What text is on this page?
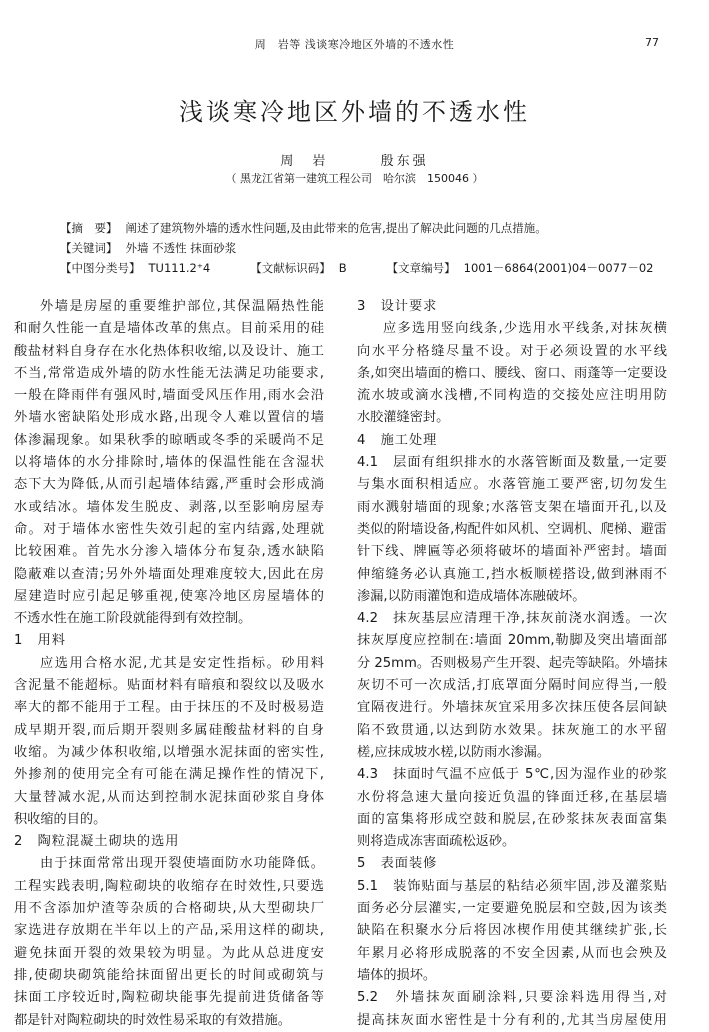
周　岩等 浅谈寒冷地区外墙的不透水性	77
浅谈寒冷地区外墙的不透水性
周　岩	殷东强
（ 黑龙江省第一建筑工程公司　哈尔滨　150046 ）
【摘　要】 阐述了建筑物外墙的透水性问题,及由此带来的危害,提出了解决此问题的几点措施。
【关键词】 外墙 不透性 抹面砂浆
【中图分类号】 TU111.2⁺4	【文献标识码】 B	【文章编号】 1001－6864(2001)04－0077－02
外墙是房屋的重要维护部位,其保温隔热性能
和耐久性能一直是墙体改革的焦点。目前采用的硅
酸盐材料自身存在水化热体积收缩,以及设计、施工
不当,常常造成外墙的防水性能无法满足功能要求,
一般在降雨伴有强风时,墙面受风压作用,雨水会沿
外墙水密缺陷处形成水路,出现令人难以置信的墙
体渗漏现象。如果秋季的晾晒或冬季的采暖尚不足
以将墙体的水分排除时,墙体的保温性能在含湿状
态下大为降低,从而引起墙体结露,严重时会形成淌
水或结冰。墙体发生脱皮、剥落,以至影响房屋寿
命。对于墙体水密性失效引起的室内结露,处理就
比较困难。首先水分渗入墙体分布复杂,透水缺陷
隐蔽难以查清;另外外墙面处理难度较大,因此在房
屋建造时应引起足够重视,使寒冷地区房屋墙体的
不透水性在施工阶段就能得到有效控制。
1　用料
应选用合格水泥,尤其是安定性指标。砂用料
含泥量不能超标。贴面材料有暗痕和裂纹以及吸水
率大的都不能用于工程。由于抹压的不及时极易造
成早期开裂,而后期开裂则多属硅酸盐材料的自身
收缩。为减少体积收缩,以增强水泥抹面的密实性,
外掺剂的使用完全有可能在满足操作性的情况下,
大量替减水泥,从而达到控制水泥抹面砂浆自身体
积收缩的目的。
2　陶粒混凝土砌块的选用
由于抹面常常出现开裂使墙面防水功能降低。
工程实践表明,陶粒砌块的收缩存在时效性,只要选
用不含添加炉渣等杂质的合格砌块,从大型砌块厂
家选进存放期在半年以上的产品,采用这样的砌块,
避免抹面开裂的效果较为明显。为此从总进度安
排,使砌块砌筑能给抹面留出更长的时间或砌筑与
抹面工序较近时,陶粒砌块能事先提前进货储备等
都是针对陶粒砌块的时效性易采取的有效措施。
3　设计要求
应多选用竖向线条,少选用水平线条,对抹灰横
向水平分格缝尽量不设。对于必须设置的水平线
条,如突出墙面的檐口、腰线、窗口、雨蓬等一定要设
流水坡或滴水浅槽,不同构造的交接处应注明用防
水胶灌缝密封。
4　施工处理
4.1　层面有组织排水的水落管断面及数量,一定要
与集水面积相适应。水落管施工要严密,切勿发生
雨水溅射墙面的现象;水落管支架在墙面开孔,以及
类似的附墙设备,构配件如风机、空调机、爬梯、避雷
针下线、牌匾等必须将破坏的墙面补严密封。墙面
伸缩缝务必认真施工,挡水板顺槎搭设,做到淋雨不
渗漏,以防雨灌饱和造成墙体冻融破坏。
4.2　抹灰基层应清理干净,抹灰前浇水润透。一次
抹灰厚度应控制在:墙面 20mm,勒脚及突出墙面部
分 25mm。否则极易产生开裂、起壳等缺陷。外墙抹
灰切不可一次成活,打底罩面分隔时间应得当,一般
宜隔夜进行。外墙抹灰宜采用多次抹压使各层间缺
陷不致贯通,以达到防水效果。抹灰施工的水平留
槎,应抹成坡水槎,以防雨水渗漏。
4.3　抹面时气温不应低于 5℃,因为湿作业的砂浆
水份将急速大量向接近负温的锋面迁移,在基层墙
面的富集将形成空鼓和脱层,在砂浆抹灰表面富集
则将造成冻害面疏松返砂。
5　表面装修
5.1　装饰贴面与基层的粘结必须牢固,涉及灌浆贴
面务必分层灌实,一定要避免脱层和空鼓,因为该类
缺陷在积聚水分后将因冰楔作用使其继续扩张,长
年累月必将形成脱落的不安全因素,从而也会殃及
墙体的损坏。
5.2　外墙抹灰面刷涂料,只要涂料选用得当,对
提高抹灰面水密性是十分有利的,尤其当房屋使用
